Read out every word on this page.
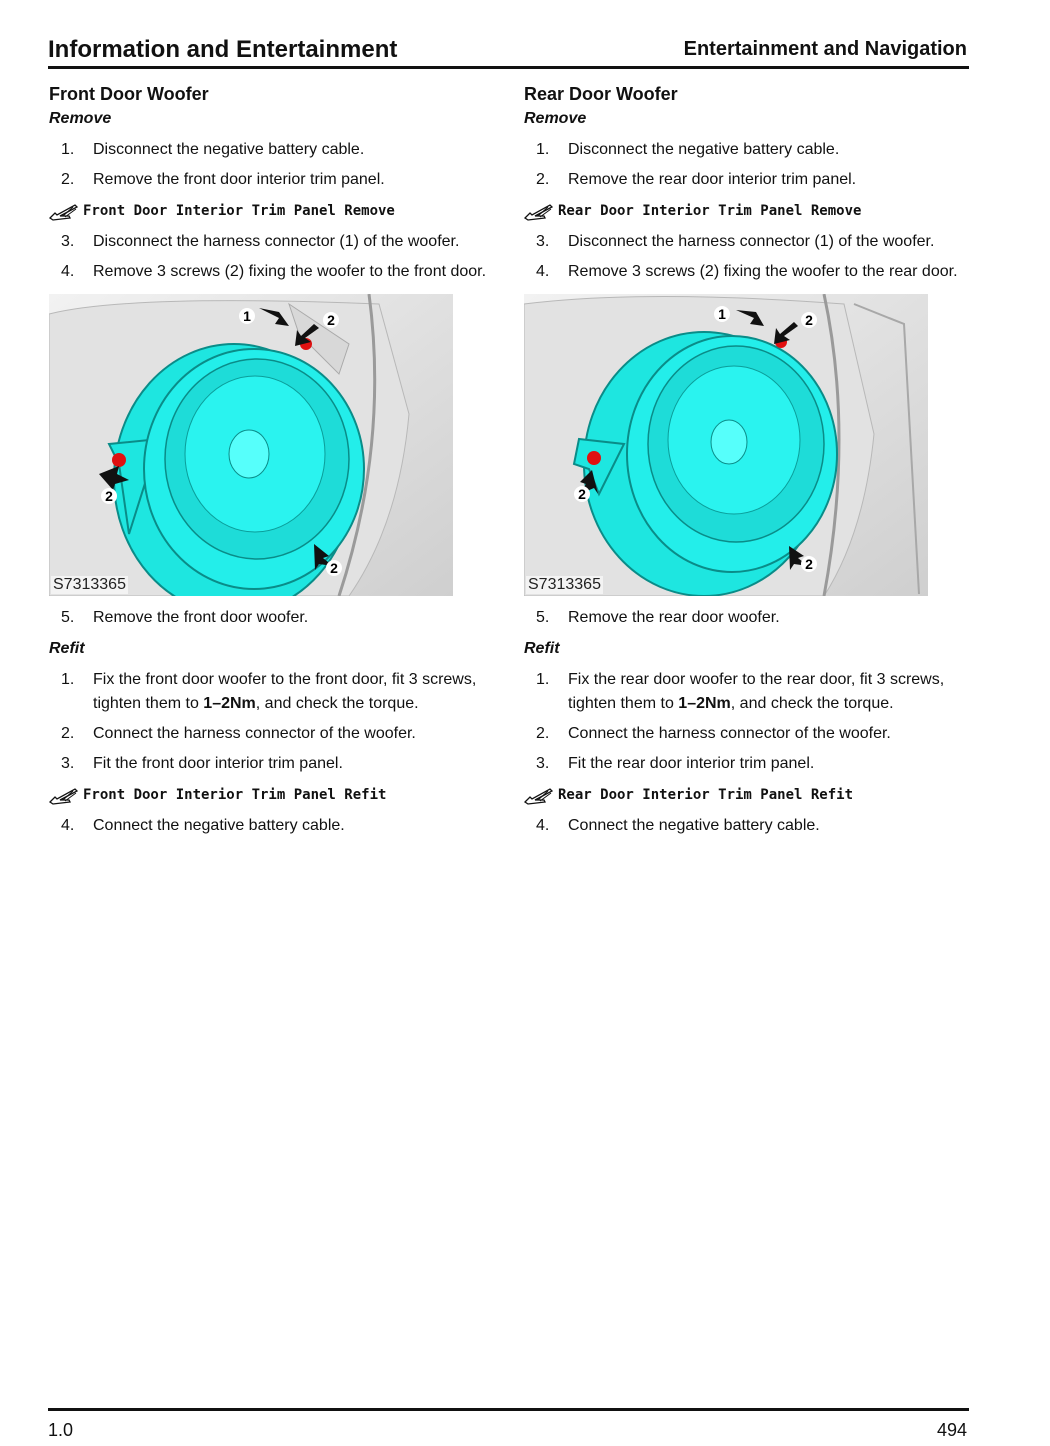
Information and Entertainment	Entertainment and Navigation
Front Door Woofer
Remove
1. Disconnect the negative battery cable.
2. Remove the front door interior trim panel.
Front Door Interior Trim Panel Remove
3. Disconnect the harness connector (1) of the woofer.
4. Remove 3 screws (2) fixing the woofer to the front door.
1	2
2
2
S7313365
5. Remove the front door woofer.
Refit
1. Fix the front door woofer to the front door, fit 3 screws, tighten them to 1–2Nm, and check the torque.
2. Connect the harness connector of the woofer.
3. Fit the front door interior trim panel.
Front Door Interior Trim Panel Refit
4. Connect the negative battery cable.
Rear Door Woofer
Remove
1. Disconnect the negative battery cable.
2. Remove the rear door interior trim panel.
Rear Door Interior Trim Panel Remove
3. Disconnect the harness connector (1) of the woofer.
4. Remove 3 screws (2) fixing the woofer to the rear door.
1	2
2
2
S7313365
5. Remove the rear door woofer.
Refit
1. Fix the rear door woofer to the rear door, fit 3 screws, tighten them to 1–2Nm, and check the torque.
2. Connect the harness connector of the woofer.
3. Fit the rear door interior trim panel.
Rear Door Interior Trim Panel Refit
4. Connect the negative battery cable.
1.0	494
